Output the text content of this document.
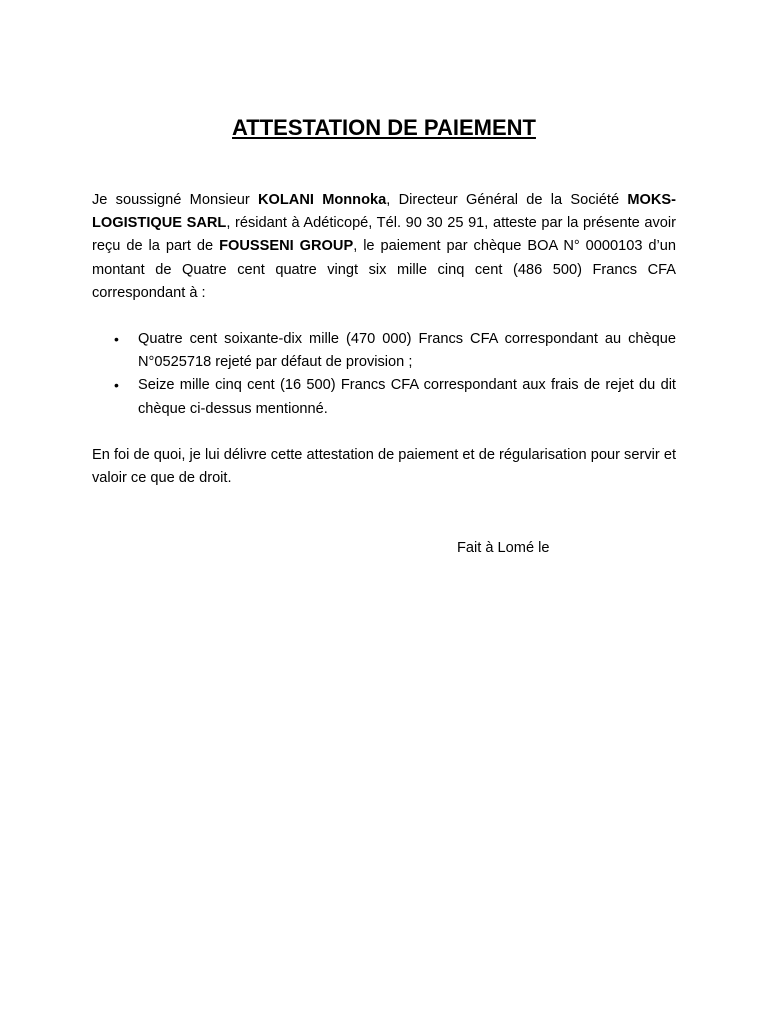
ATTESTATION DE PAIEMENT

Je soussigné Monsieur KOLANI Monnoka, Directeur Général de la Société MOKS-LOGISTIQUE SARL, résidant à Adéticopé, Tél. 90 30 25 91, atteste par la présente avoir reçu de la part de FOUSSENI GROUP, le paiement par chèque BOA N° 0000103 d’un montant de Quatre cent quatre vingt six mille cinq cent (486 500) Francs CFA correspondant à :

• Quatre cent soixante-dix mille (470 000) Francs CFA correspondant au chèque N°0525718 rejeté par défaut de provision ;
• Seize mille cinq cent (16 500) Francs CFA correspondant aux frais de rejet du dit chèque ci-dessus mentionné.

En foi de quoi, je lui délivre cette attestation de paiement et de régularisation pour servir et valoir ce que de droit.

Fait à Lomé le
